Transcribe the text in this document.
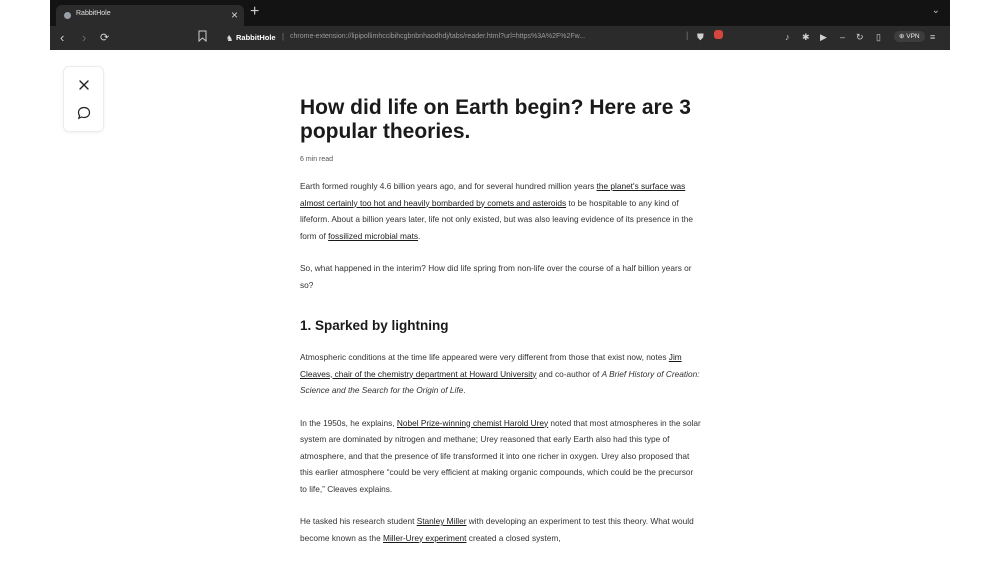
RabbitHole	× +	⌄
‹ › ⟳	♞ RabbitHole | chrome-extension://lipipollimhccibihcgbnbnhaodhdj/tabs/reader.html?url=https%3A%2F%2Fw...	| ⛊	♪ ✱ ▶ – ↻ ▯	⊕ VPN	≡
How did life on Earth begin? Here are 3 popular theories.
6 min read

Earth formed roughly 4.6 billion years ago, and for several hundred million years the planet's surface was almost certainly too hot and heavily bombarded by comets and asteroids to be hospitable to any kind of lifeform. About a billion years later, life not only existed, but was also leaving evidence of its presence in the form of fossilized microbial mats.

So, what happened in the interim? How did life spring from non-life over the course of a half billion years or so?

1. Sparked by lightning

Atmospheric conditions at the time life appeared were very different from those that exist now, notes Jim Cleaves, chair of the chemistry department at Howard University and co-author of A Brief History of Creation: Science and the Search for the Origin of Life.

In the 1950s, he explains, Nobel Prize-winning chemist Harold Urey noted that most atmospheres in the solar system are dominated by nitrogen and methane; Urey reasoned that early Earth also had this type of atmosphere, and that the presence of life transformed it into one richer in oxygen. Urey also proposed that this earlier atmosphere “could be very efficient at making organic compounds, which could be the precursor to life,” Cleaves explains.

He tasked his research student Stanley Miller with developing an experiment to test this theory. What would become known as the Miller-Urey experiment created a closed system,
